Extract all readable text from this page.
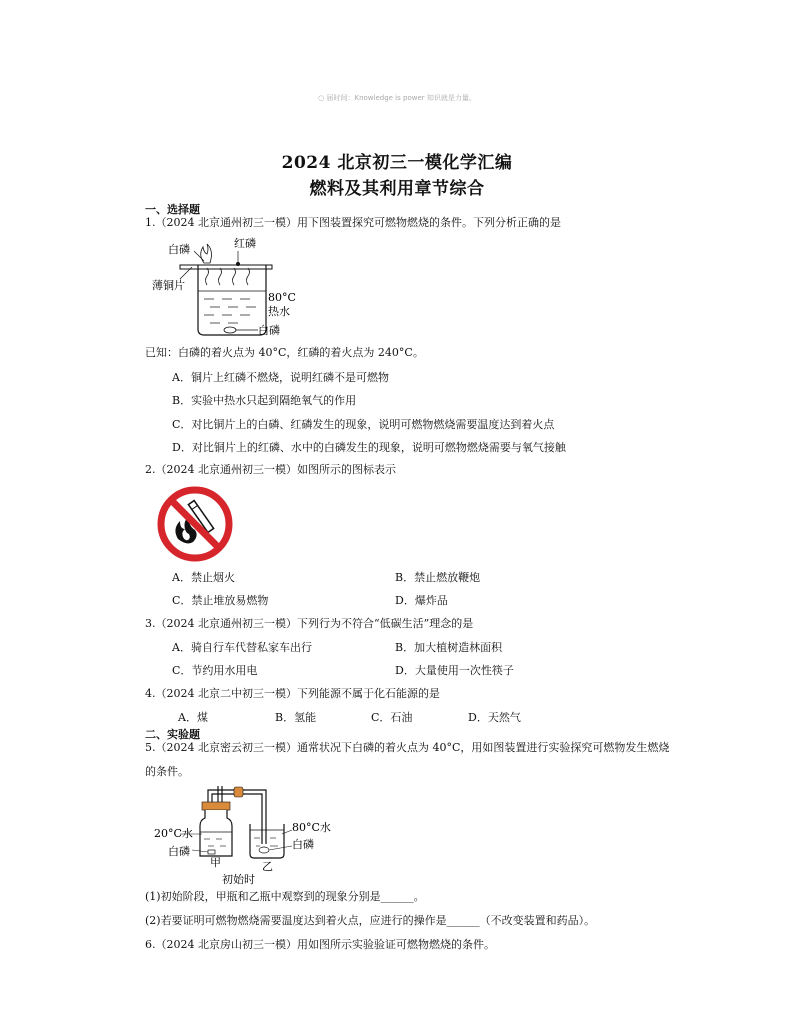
○ 届时间：Knowledge is power 知识就是力量。
2024 北京初三一模化学汇编
燃料及其利用章节综合
一、选择题
1.（2024 北京通州初三一模）用下图装置探究可燃物燃烧的条件。下列分析正确的是
白磷	红磷
薄铜片
80°C
热水
白磷
已知：白磷的着火点为 40°C，红磷的着火点为 240°C。
A．铜片上红磷不燃烧，说明红磷不是可燃物
B．实验中热水只起到隔绝氧气的作用
C．对比铜片上的白磷、红磷发生的现象，说明可燃物燃烧需要温度达到着火点
D．对比铜片上的红磷、水中的白磷发生的现象，说明可燃物燃烧需要与氧气接触
2.（2024 北京通州初三一模）如图所示的图标表示
A．禁止烟火	B．禁止燃放鞭炮
C．禁止堆放易燃物	D．爆炸品
3.（2024 北京通州初三一模）下列行为不符合“低碳生活”理念的是
A．骑自行车代替私家车出行	B．加大植树造林面积
C．节约用水用电	D．大量使用一次性筷子
4.（2024 北京二中初三一模）下列能源不属于化石能源的是
A．煤	B．氢能	C．石油	D．天然气
二、实验题
5.（2024 北京密云初三一模）通常状况下白磷的着火点为 40°C，用如图装置进行实验探究可燃物发生燃烧
的条件。
20°C水
白磷
80°C水
白磷
甲	乙
初始时
(1)初始阶段，甲瓶和乙瓶中观察到的现象分别是______。
(2)若要证明可燃物燃烧需要温度达到着火点，应进行的操作是______（不改变装置和药品）。
6.（2024 北京房山初三一模）用如图所示实验验证可燃物燃烧的条件。
